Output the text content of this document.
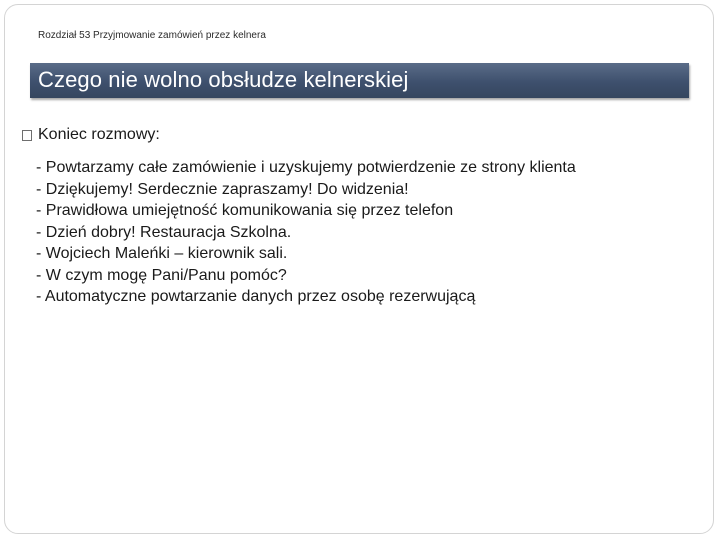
Rozdział 53 Przyjmowanie zamówień przez kelnera
Czego nie wolno obsłudze kelnerskiej
Koniec rozmowy:
- Powtarzamy całe zamówienie i uzyskujemy potwierdzenie ze strony klienta
- Dziękujemy! Serdecznie zapraszamy! Do widzenia!
- Prawidłowa umiejętność komunikowania się przez telefon
- Dzień dobry! Restauracja Szkolna.
- Wojciech Maleńki – kierownik sali.
- W czym mogę Pani/Panu pomóc?
- Automatyczne powtarzanie danych przez osobę rezerwującą
